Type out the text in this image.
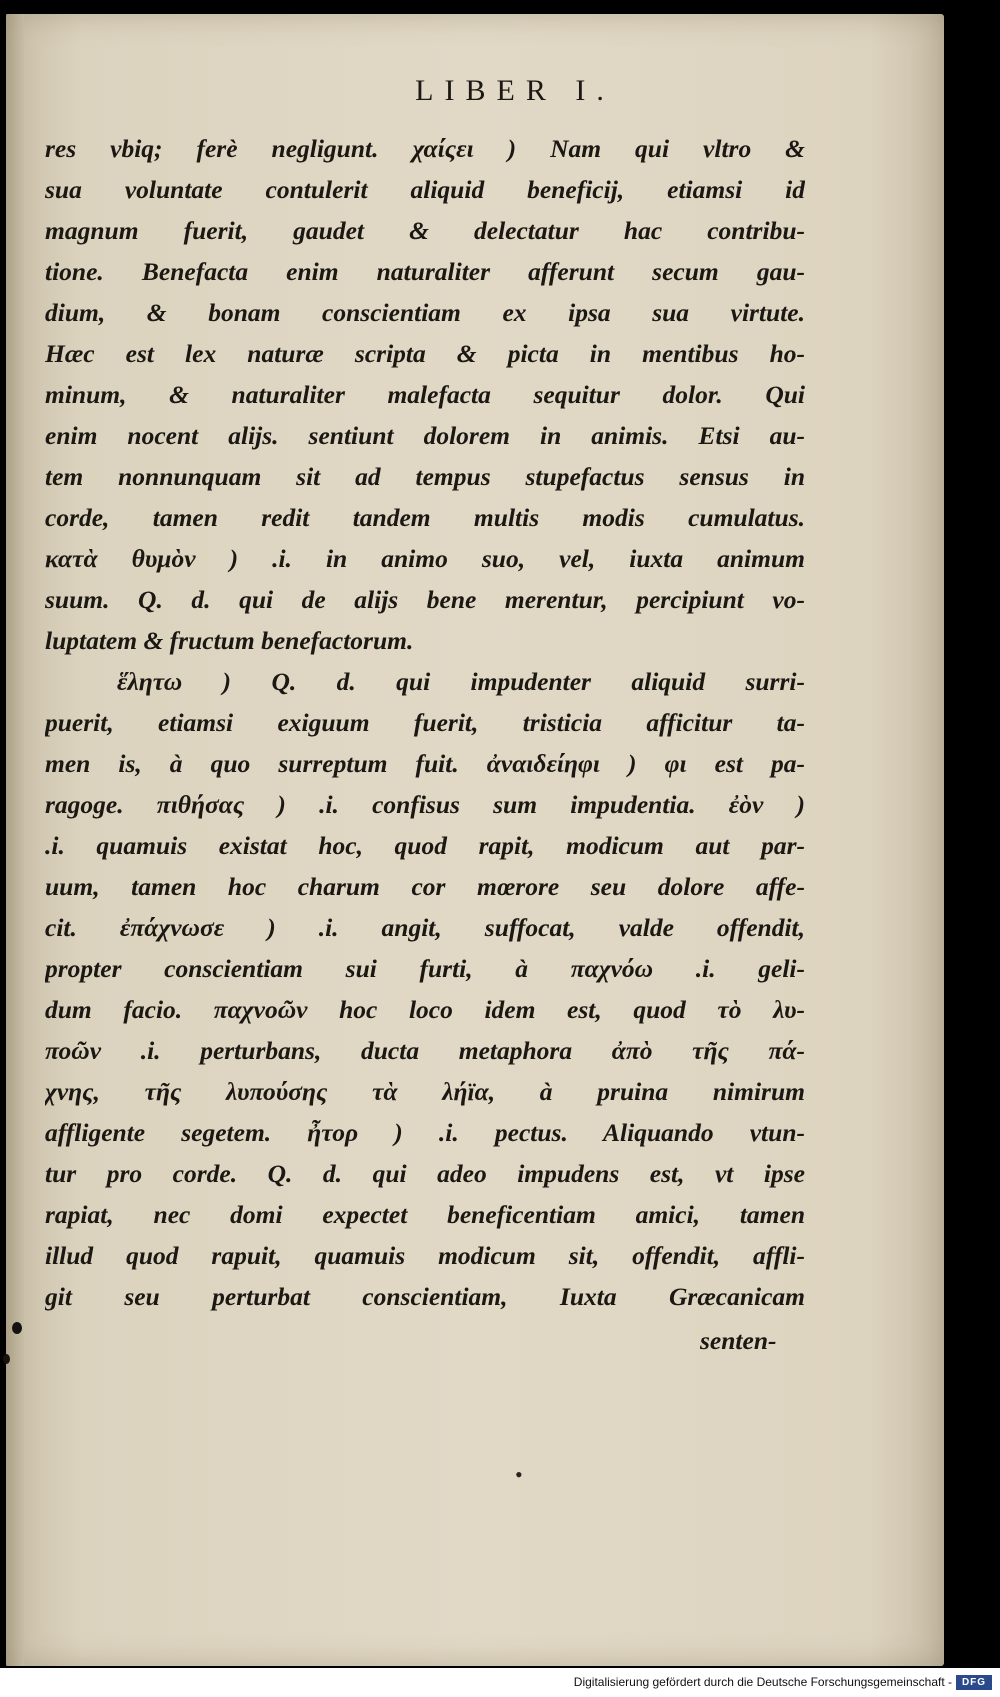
LIBER I.
res vbiq; ferè negligunt. χαίςει ) Nam qui vltro &
sua voluntate contulerit aliquid beneficij, etiamsi id
magnum fuerit, gaudet & delectatur hac contribu-
tione. Benefacta enim naturaliter afferunt secum gau-
dium, & bonam conscientiam ex ipsa sua virtute.
Hæc est lex naturæ scripta & picta in mentibus ho-
minum, & naturaliter malefacta sequitur dolor. Qui
enim nocent alijs. sentiunt dolorem in animis. Etsi au-
tem nonnunquam sit ad tempus stupefactus sensus in
corde, tamen redit tandem multis modis cumulatus.
κατὰ θυμὸν ) .i. in animo suo, vel, iuxta animum
suum. Q. d. qui de alijs bene merentur, percipiunt vo-
luptatem & fructum benefactorum.
ἕλητω ) Q. d. qui impudenter aliquid surri-
puerit, etiamsi exiguum fuerit, tristicia afficitur ta-
men is, à quo surreptum fuit. ἀναιδείηφι ) φι est pa-
ragoge. πιθήσας ) .i. confisus sum impudentia. ἐὸν )
.i. quamuis existat hoc, quod rapit, modicum aut par-
uum, tamen hoc charum cor mœrore seu dolore affe-
cit. ἐπάχνωσε ) .i. angit, suffocat, valde offendit,
propter conscientiam sui furti, à παχνόω .i. geli-
dum facio. παχνοῶν hoc loco idem est, quod τὸ λυ-
ποῶν .i. perturbans, ducta metaphora ἀπὸ τῆς πά-
χνης, τῆς λυπούσης τὰ λήϊα, à pruina nimirum
affligente segetem. ἦτορ ) .i. pectus. Aliquando vtun-
tur pro corde. Q. d. qui adeo impudens est, vt ipse
rapiat, nec domi expectet beneficentiam amici, tamen
illud quod rapuit, quamuis modicum sit, offendit, affli-
git seu perturbat conscientiam, Iuxta Græcanicam
senten-
•
Digitalisierung gefördert durch die Deutsche Forschungsgemeinschaft - DFG
